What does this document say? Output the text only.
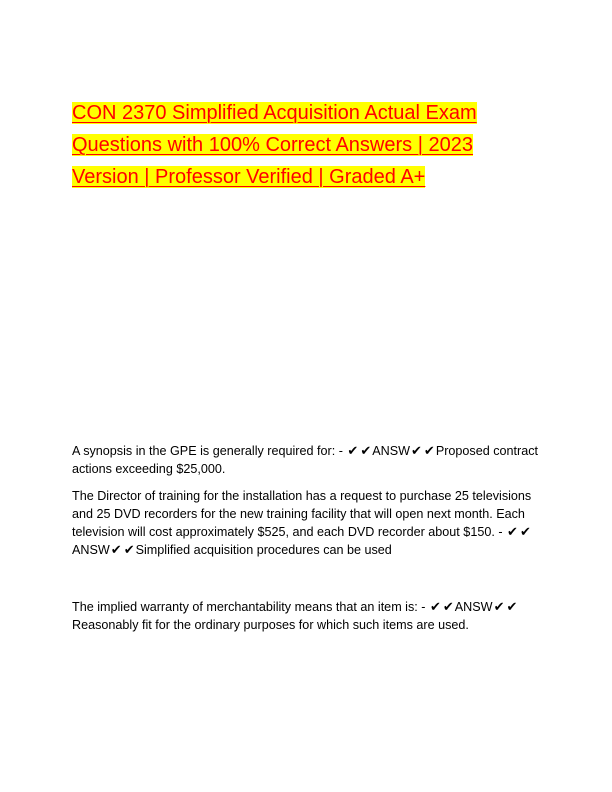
CON 2370 Simplified Acquisition Actual Exam Questions with 100% Correct Answers | 2023 Version | Professor Verified | Graded A+

A synopsis in the GPE is generally required for: - ✔ ✔ANSW✔ ✔Proposed contract actions exceeding $25,000.

The Director of training for the installation has a request to purchase 25 televisions and 25 DVD recorders for the new training facility that will open next month. Each television will cost approximately $525, and each DVD recorder about $150. - ✔ ✔ANSW✔ ✔Simplified acquisition procedures can be used

The implied warranty of merchantability means that an item is: - ✔ ✔ANSW✔ ✔Reasonably fit for the ordinary purposes for which such items are used.
